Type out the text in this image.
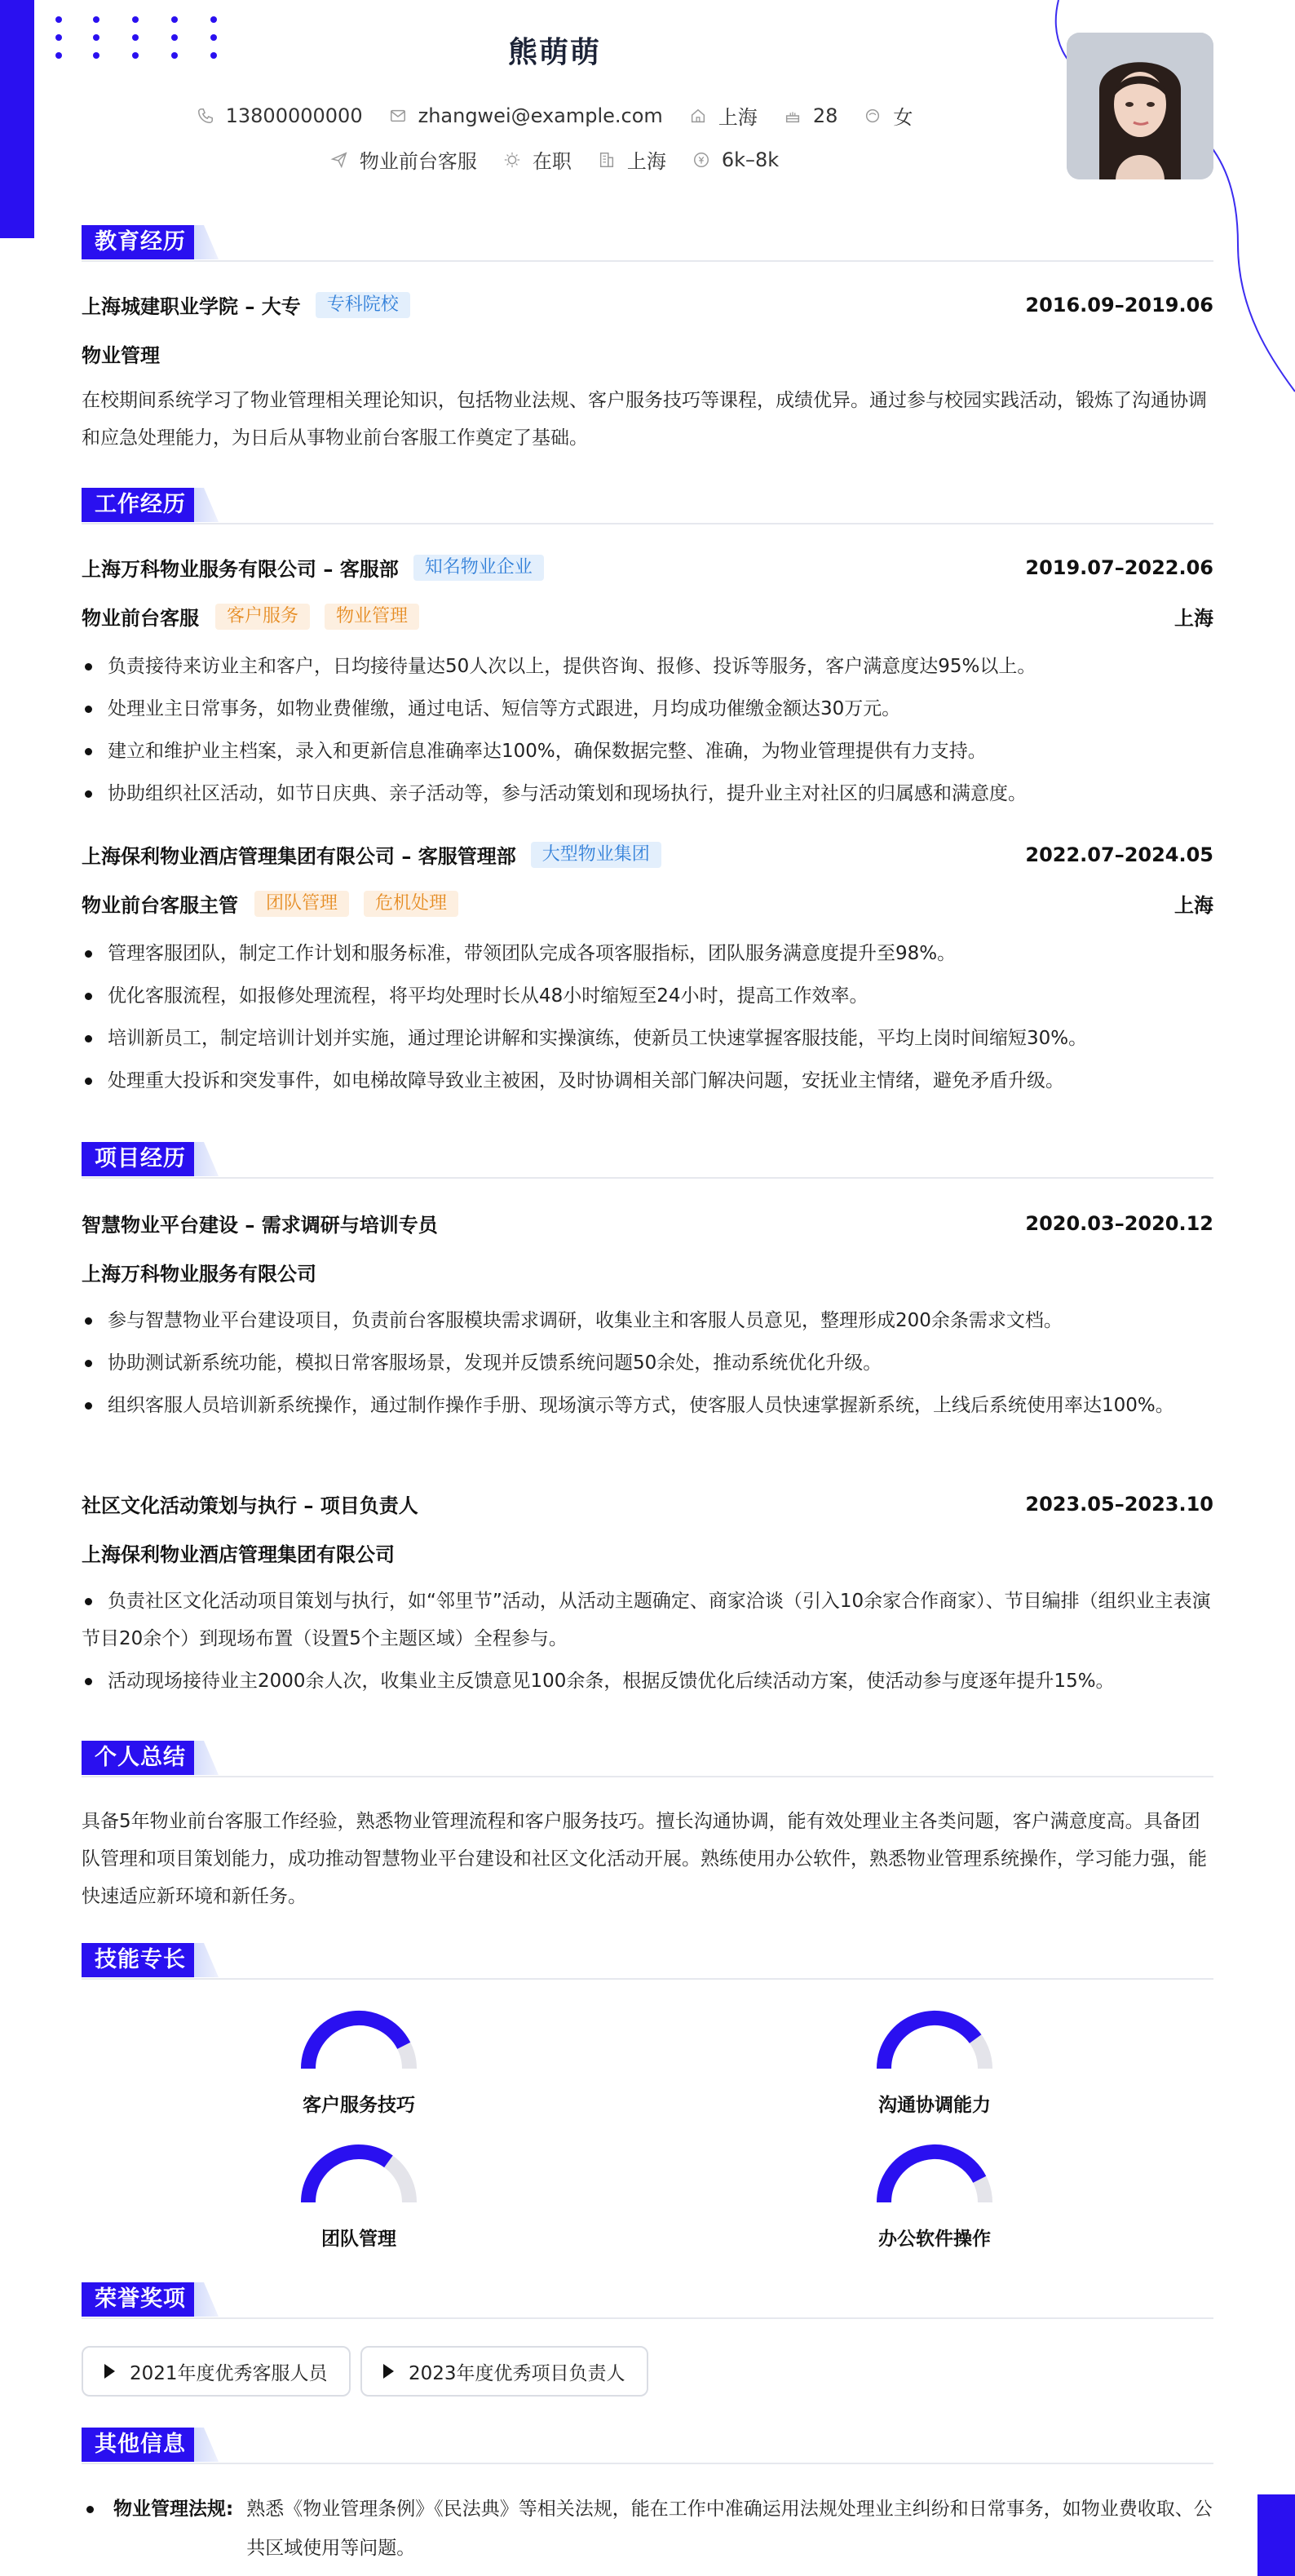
熊萌萌
13800000000	zhangwei@example.com	上海	28	女
物业前台客服	在职	上海	6k–8k
教育经历
上海城建职业学院 – 大专	专科院校	2016.09–2019.06
物业管理
在校期间系统学习了物业管理相关理论知识，包括物业法规、客户服务技巧等课程，成绩优异。通过参与校园实践活动，锻炼了沟通协调和应急处理能力，为日后从事物业前台客服工作奠定了基础。
工作经历
上海万科物业服务有限公司 – 客服部	知名物业企业	2019.07–2022.06
物业前台客服	客户服务	物业管理	上海
负责接待来访业主和客户，日均接待量达50人次以上，提供咨询、报修、投诉等服务，客户满意度达95%以上。
处理业主日常事务，如物业费催缴，通过电话、短信等方式跟进，月均成功催缴金额达30万元。
建立和维护业主档案，录入和更新信息准确率达100%，确保数据完整、准确，为物业管理提供有力支持。
协助组织社区活动，如节日庆典、亲子活动等，参与活动策划和现场执行，提升业主对社区的归属感和满意度。
上海保利物业酒店管理集团有限公司 – 客服管理部	大型物业集团	2022.07–2024.05
物业前台客服主管	团队管理	危机处理	上海
管理客服团队，制定工作计划和服务标准，带领团队完成各项客服指标，团队服务满意度提升至98%。
优化客服流程，如报修处理流程，将平均处理时长从48小时缩短至24小时，提高工作效率。
培训新员工，制定培训计划并实施，通过理论讲解和实操演练，使新员工快速掌握客服技能，平均上岗时间缩短30%。
处理重大投诉和突发事件，如电梯故障导致业主被困，及时协调相关部门解决问题，安抚业主情绪，避免矛盾升级。
项目经历
智慧物业平台建设 – 需求调研与培训专员	2020.03–2020.12
上海万科物业服务有限公司
参与智慧物业平台建设项目，负责前台客服模块需求调研，收集业主和客服人员意见，整理形成200余条需求文档。
协助测试新系统功能，模拟日常客服场景，发现并反馈系统问题50余处，推动系统优化升级。
组织客服人员培训新系统操作，通过制作操作手册、现场演示等方式，使客服人员快速掌握新系统，上线后系统使用率达100%。
社区文化活动策划与执行 – 项目负责人	2023.05–2023.10
上海保利物业酒店管理集团有限公司
负责社区文化活动项目策划与执行，如“邻里节”活动，从活动主题确定、商家洽谈（引入10余家合作商家）、节目编排（组织业主表演节目20余个）到现场布置（设置5个主题区域）全程参与。
活动现场接待业主2000余人次，收集业主反馈意见100余条，根据反馈优化后续活动方案，使活动参与度逐年提升15%。
个人总结
具备5年物业前台客服工作经验，熟悉物业管理流程和客户服务技巧。擅长沟通协调，能有效处理业主各类问题，客户满意度高。具备团队管理和项目策划能力，成功推动智慧物业平台建设和社区文化活动开展。熟练使用办公软件，熟悉物业管理系统操作，学习能力强，能快速适应新环境和新任务。
技能专长
客户服务技巧	沟通协调能力
团队管理	办公软件操作
荣誉奖项
2021年度优秀客服人员	2023年度优秀项目负责人
其他信息
物业管理法规: 熟悉《物业管理条例》《民法典》等相关法规，能在工作中准确运用法规处理业主纠纷和日常事务，如物业费收取、公共区域使用等问题。
